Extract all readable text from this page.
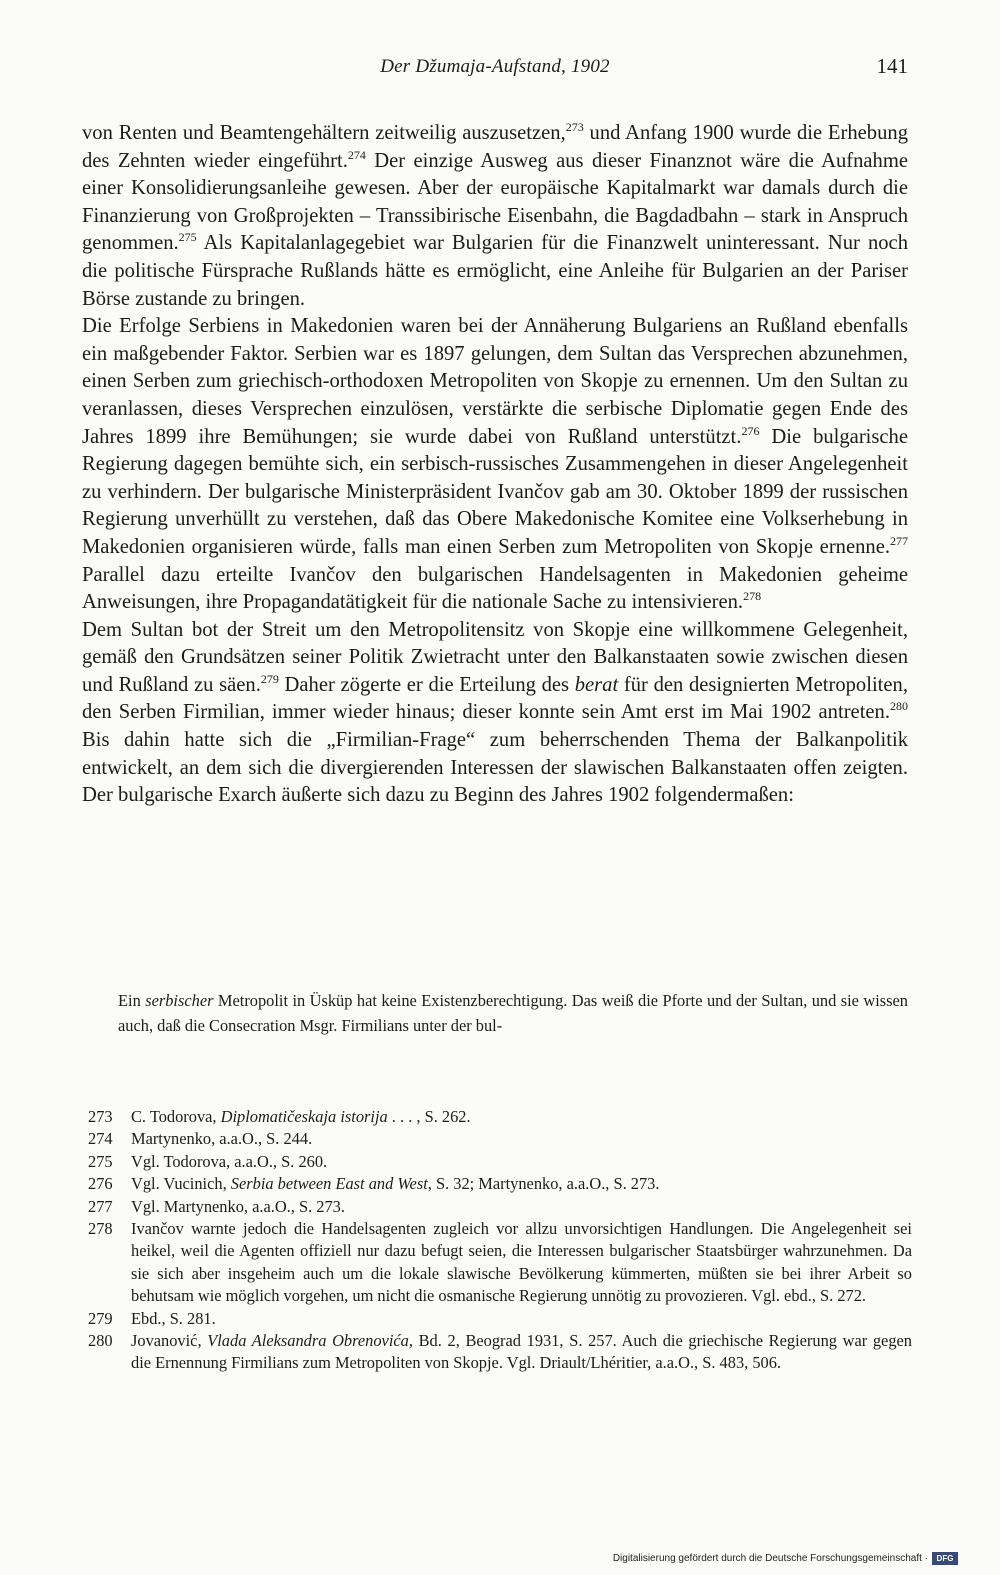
Der Džumaja-Aufstand, 1902	141

von Renten und Beamtengehältern zeitweilig auszusetzen,$^{273}$ und Anfang 1900 wurde die Erhebung des Zehnten wieder eingeführt.$^{274}$ Der einzige Ausweg aus dieser Finanznot wäre die Aufnahme einer Konsolidierungsanleihe gewesen. Aber der europäische Kapitalmarkt war damals durch die Finanzierung von Großprojekten – Transsibirische Eisenbahn, die Bagdadbahn – stark in Anspruch genommen.$^{275}$ Als Kapitalanlagegebiet war Bulgarien für die Finanzwelt uninteressant. Nur noch die politische Fürsprache Rußlands hätte es ermöglicht, eine Anleihe für Bulgarien an der Pariser Börse zustande zu bringen.

Die Erfolge Serbiens in Makedonien waren bei der Annäherung Bulgariens an Rußland ebenfalls ein maßgebender Faktor. Serbien war es 1897 gelungen, dem Sultan das Versprechen abzunehmen, einen Serben zum griechisch-orthodoxen Metropoliten von Skopje zu ernennen. Um den Sultan zu veranlassen, dieses Versprechen einzulösen, verstärkte die serbische Diplomatie gegen Ende des Jahres 1899 ihre Bemühungen; sie wurde dabei von Rußland unterstützt.$^{276}$ Die bulgarische Regierung dagegen bemühte sich, ein serbisch-russisches Zusammengehen in dieser Angelegenheit zu verhindern. Der bulgarische Ministerpräsident Ivančov gab am 30. Oktober 1899 der russischen Regierung unverhüllt zu verstehen, daß das Obere Makedonische Komitee eine Volkserhebung in Makedonien organisieren würde, falls man einen Serben zum Metropoliten von Skopje ernenne.$^{277}$ Parallel dazu erteilte Ivančov den bulgarischen Handelsagenten in Makedonien geheime Anweisungen, ihre Propagandatätigkeit für die nationale Sache zu intensivieren.$^{278}$

Dem Sultan bot der Streit um den Metropolitensitz von Skopje eine willkommene Gelegenheit, gemäß den Grundsätzen seiner Politik Zwietracht unter den Balkanstaaten sowie zwischen diesen und Rußland zu säen.$^{279}$ Daher zögerte er die Erteilung des berat für den designierten Metropoliten, den Serben Firmilian, immer wieder hinaus; dieser konnte sein Amt erst im Mai 1902 antreten.$^{280}$ Bis dahin hatte sich die „Firmilian-Frage“ zum beherrschenden Thema der Balkanpolitik entwickelt, an dem sich die divergierenden Interessen der slawischen Balkanstaaten offen zeigten. Der bulgarische Exarch äußerte sich dazu zu Beginn des Jahres 1902 folgendermaßen:

Ein serbischer Metropolit in Üsküp hat keine Existenzberechtigung. Das weiß die Pforte und der Sultan, und sie wissen auch, daß die Consecration Msgr. Firmilians unter der bul-

273	C. Todorova, Diplomatičeskaja istorija . . . , S. 262.
274	Martynenko, a.a.O., S. 244.
275	Vgl. Todorova, a.a.O., S. 260.
276	Vgl. Vucinich, Serbia between East and West, S. 32; Martynenko, a.a.O., S. 273.
277	Vgl. Martynenko, a.a.O., S. 273.
278	Ivančov warnte jedoch die Handelsagenten zugleich vor allzu unvorsichtigen Handlungen. Die Angelegenheit sei heikel, weil die Agenten offiziell nur dazu befugt seien, die Interessen bulgarischer Staatsbürger wahrzunehmen. Da sie sich aber insgeheim auch um die lokale slawische Bevölkerung kümmerten, müßten sie bei ihrer Arbeit so behutsam wie möglich vorgehen, um nicht die osmanische Regierung unnötig zu provozieren. Vgl. ebd., S. 272.
279	Ebd., S. 281.
280	Jovanović, Vlada Aleksandra Obrenovića, Bd. 2, Beograd 1931, S. 257. Auch die griechische Regierung war gegen die Ernennung Firmilians zum Metropoliten von Skopje. Vgl. Driault/Lhéritier, a.a.O., S. 483, 506.
Digitalisierung gefördert durch die Deutsche Forschungsgemeinschaft ·	DFG
